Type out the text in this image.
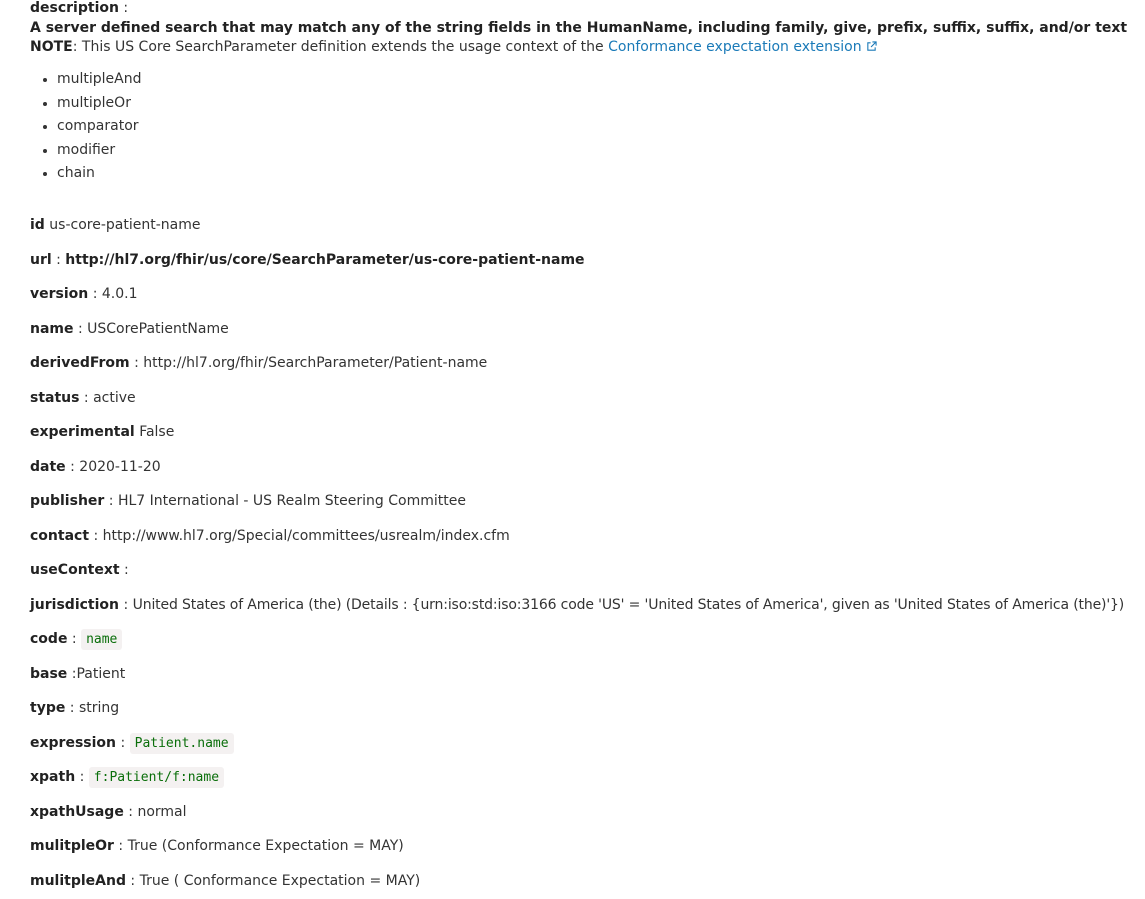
description :
A server defined search that may match any of the string fields in the HumanName, including family, give, prefix, suffix, suffix, and/or text
NOTE: This US Core SearchParameter definition extends the usage context of the Conformance expectation extension
multipleAnd
multipleOr
comparator
modifier
chain
id us-core-patient-name
url : http://hl7.org/fhir/us/core/SearchParameter/us-core-patient-name
version : 4.0.1
name : USCorePatientName
derivedFrom : http://hl7.org/fhir/SearchParameter/Patient-name
status : active
experimental False
date : 2020-11-20
publisher : HL7 International - US Realm Steering Committee
contact : http://www.hl7.org/Special/committees/usrealm/index.cfm
useContext :
jurisdiction : United States of America (the) (Details : {urn:iso:std:iso:3166 code 'US' = 'United States of America', given as 'United States of America (the)'})
code : name
base :Patient
type : string
expression : Patient.name
xpath : f:Patient/f:name
xpathUsage : normal
mulitpleOr : True (Conformance Expectation = MAY)
mulitpleAnd : True ( Conformance Expectation = MAY)
